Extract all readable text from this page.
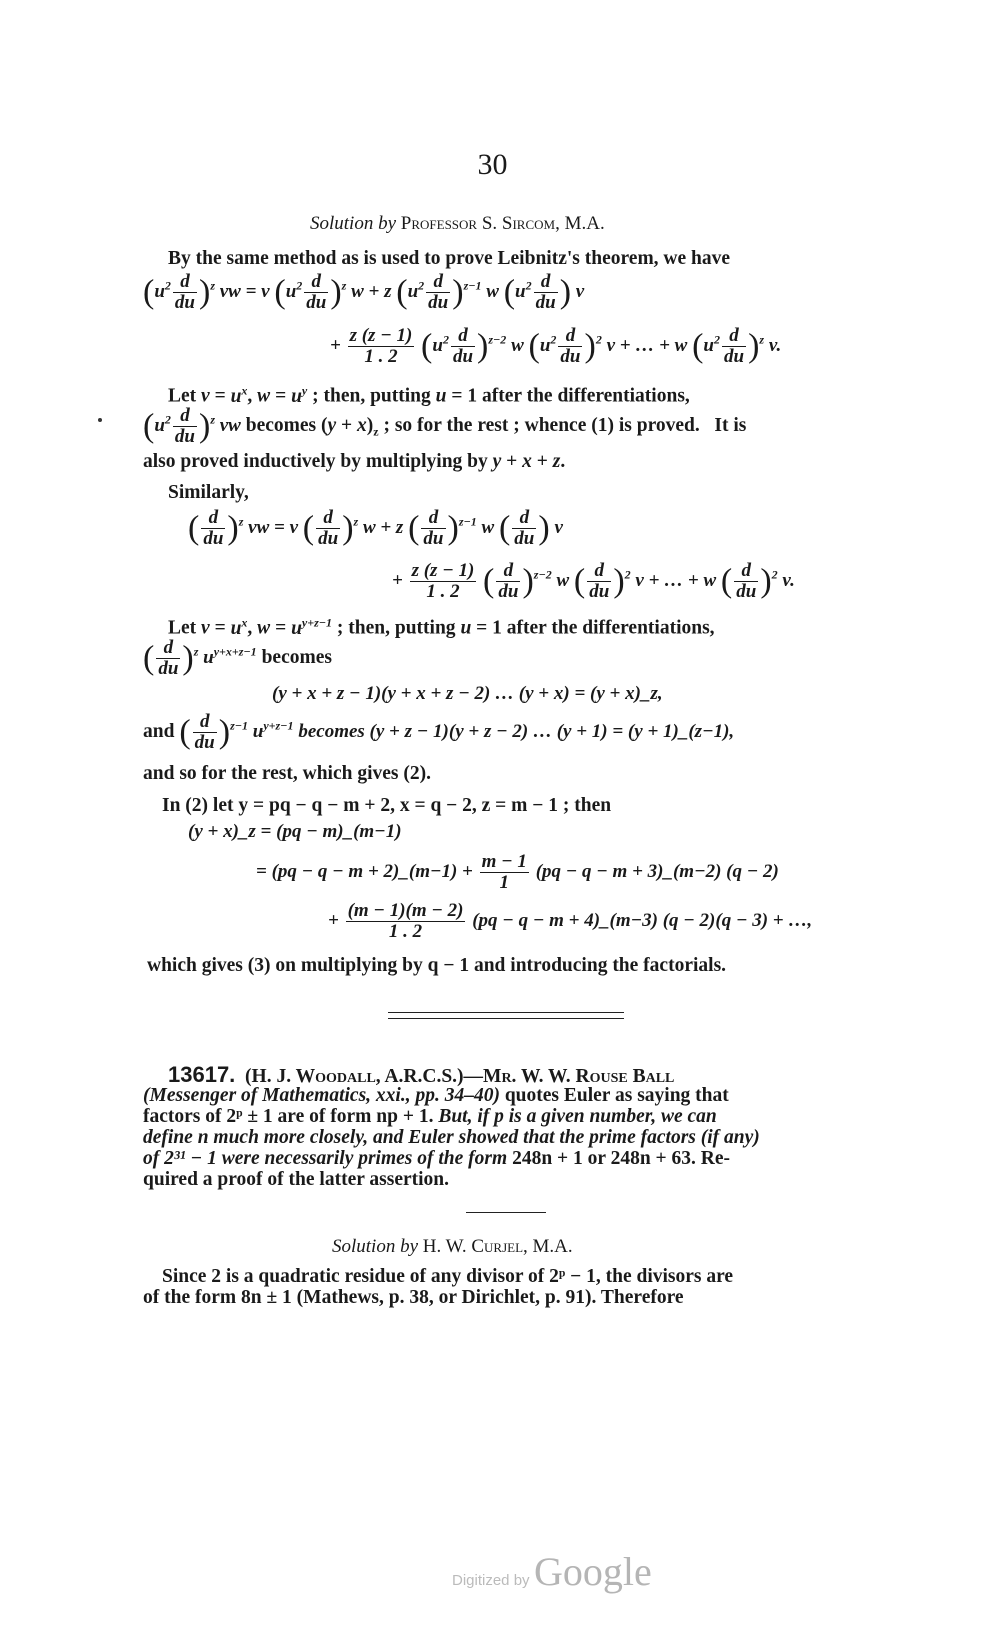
30
Solution by Professor S. Sircom, M.A.
By the same method as is used to prove Leibnitz's theorem, we have
$(u^2 \frac{d}{du} )^z$ vw = v $(u^2 \frac{d}{du} )^z$ w + z $(u^2 \frac{d}{du} )^{z-1}$ w ($u^2 \frac{d}{du}$ ) v
+ $\frac{z (z - 1)}{1 . 2} (u^2 \frac{d}{du} )^{z-2}$ w $(u^2 \frac{d}{du} )^2$ v + … + w $(u^2 \frac{d}{du} )^z$ v.
Let $v = u^x$, $w = u^y$ ; then, putting u = 1 after the differentiations,
$(u^2 \frac{d}{du} )^z$ vw becomes $(y + x)_z$ ; so for the rest ; whence (1) is proved.   It is
also proved inductively by multiplying by y + x + z.
Similarly,
( $\frac{d}{du} )^z$ vw = v ( $\frac{d}{du} )^z$ w + z ( $\frac{d}{du} )^{z-1}$ w ( $\frac{d}{du}$ ) v
+ $\frac{z (z - 1)}{1 . 2}$ ( $\frac{d}{du} )^{z-2}$ w ( $\frac{d}{du} )^2$ v + … + w ( $\frac{d}{du} )^2$ v.
Let $v = u^x$, $w = u^{y+z-1}$ ; then, putting u = 1 after the differentiations,
( $\frac{d}{du} )^z$ $u^{y+x+z-1}$ becomes
(y + x + z − 1)(y + x + z − 2) … (y + x) = (y + x)_z,
and ( $\frac{d}{du} )^{z-1}$ $u^{y+z-1}$ becomes (y + z − 1)(y + z − 2) … (y + 1) = (y + 1)_(z−1),
and so for the rest, which gives (2).
In (2) let y = pq − q − m + 2, x = q − 2, z = m − 1 ; then
(y + x)_z = (pq − m)_(m−1)
= (pq − q − m + 2)_(m−1) + $\frac{m - 1}{1} (pq - q - m$ + 3)_(m−2) (q − 2)
+ $\frac{(m - 1)(m - 2)}{1 . 2} (pq - q - m$ + 4)_(m−3) (q − 2)(q − 3) + …,
which gives (3) on multiplying by q − 1 and introducing the factorials.
13617. (H. J. Woodall, A.R.C.S.)—Mr. W. W. Rouse Ball
(Messenger of Mathematics, xxi., pp. 34–40) quotes Euler as saying that
factors of 2ᵖ ± 1 are of form np + 1. But, if p is a given number, we can
define n much more closely, and Euler showed that the prime factors (if any)
of 2³¹ − 1 were necessarily primes of the form 248n + 1 or 248n + 63. Re-
quired a proof of the latter assertion.
Solution by H. W. Curjel, M.A.
Since 2 is a quadratic residue of any divisor of 2ᵖ − 1, the divisors are
of the form 8n ± 1 (Mathews, p. 38, or Dirichlet, p. 91). Therefore
Digitized by Google
